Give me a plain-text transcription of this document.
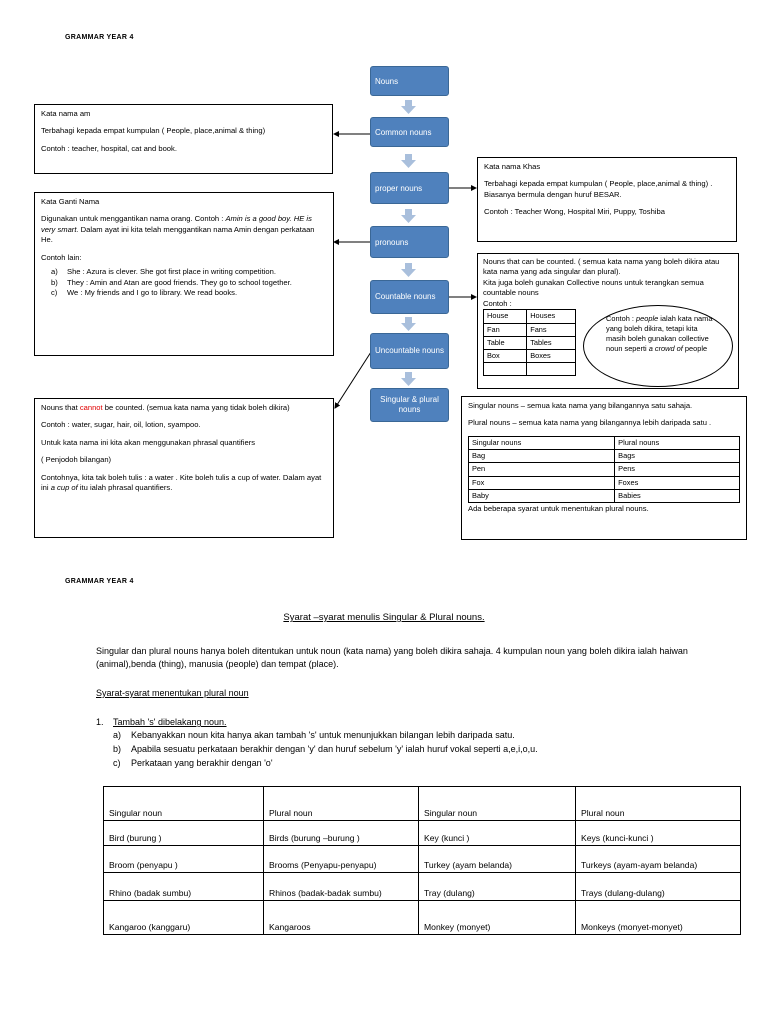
GRAMMAR YEAR 4
Nouns
Common nouns
proper nouns
pronouns
Countable nouns
Uncountable nouns
Singular & plural nouns

Kata nama am

Terbahagi kepada empat kumpulan ( People, place,animal & thing)

Contoh : teacher, hospital, cat and book.

Kata nama Khas

Terbahagi kepada empat kumpulan ( People, place,animal & thing) . Biasanya bermula dengan huruf BESAR.

Contoh : Teacher Wong, Hospital Miri, Puppy, Toshiba

Kata Ganti Nama

Digunakan untuk menggantikan nama orang. Contoh : Amin is a good boy. HE is very smart. Dalam ayat ini kita telah menggantikan nama Amin dengan perkataan He.

Contoh lain:

a) She : Azura is clever. She got first place in writing competition.
b) They : Amin and Atan are good friends. They go to school together.
c) We : My friends and I go to library. We read books.
Nouns that can be counted. ( semua kata nama yang boleh dikira atau kata nama yang ada singular dan plural).
Kita juga boleh gunakan Collective nouns untuk terangkan semua countable nouns
Contoh :
House	Houses
Fan	Fans
Table	Tables
Box	Boxes

Contoh : people ialah kata nama yang boleh dikira, tetapi kita masih boleh gunakan collective noun seperti a crowd of people

Nouns that cannot be counted. (semua kata nama yang tidak boleh dikira)

Contoh : water, sugar, hair, oil, lotion, syampoo.

Untuk kata nama ini kita akan menggunakan phrasal quantifiers

( Penjodoh bilangan)

Contohnya, kita tak boleh tulis : a water . Kite boleh tulis a cup of water. Dalam ayat ini a cup of itu ialah phrasal quantifiers.

Singular nouns – semua kata nama yang bilangannya satu sahaja.

Plural nouns – semua kata nama yang bilangannya lebih daripada satu .

Singular nouns	Plural nouns
Bag	Bags
Pen	Pens
Fox	Foxes
Baby	Babies
Ada beberapa syarat untuk menentukan plural nouns.
GRAMMAR YEAR 4
Syarat –syarat menulis Singular & Plural nouns.
Singular dan plural nouns hanya boleh ditentukan untuk noun (kata nama) yang boleh dikira sahaja. 4 kumpulan noun yang boleh dikira ialah haiwan (animal),benda (thing), manusia (people) dan tempat (place).
Syarat-syarat menentukan plural noun
1. Tambah 's' dibelakang noun.
a) Kebanyakkan noun kita hanya akan tambah 's' untuk menunjukkan bilangan lebih daripada satu.
b) Apabila sesuatu perkataan berakhir dengan 'y' dan huruf sebelum 'y' ialah huruf vokal seperti a,e,i,o,u.
c) Perkataan yang berakhir dengan 'o'
Singular noun	Plural noun	Singular noun	Plural noun
Bird (burung )	Birds (burung –burung )	Key (kunci )	Keys (kunci-kunci )
Broom (penyapu )	Brooms (Penyapu-penyapu)	Turkey (ayam belanda)	Turkeys (ayam-ayam belanda)
Rhino (badak sumbu)	Rhinos (badak-badak sumbu)	Tray (dulang)	Trays (dulang-dulang)
Kangaroo (kanggaru)	Kangaroos	Monkey (monyet)	Monkeys (monyet-monyet)
